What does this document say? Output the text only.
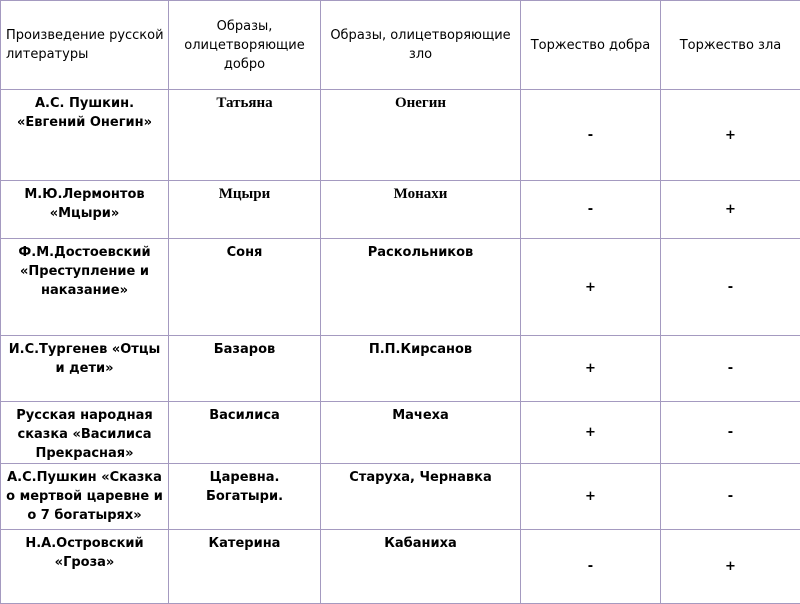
Произведение русской литературы	Образы, олицетворяющие добро	Образы, олицетворяющие зло	Торжество добра	Торжество зла
А.С. Пушкин. «Евгений Онегин»	Татьяна	Онегин	-	+
М.Ю.Лермонтов «Мцыри»	Мцыри	Монахи	-	+
Ф.М.Достоевский «Преступление и наказание»	Соня	Раскольников	+	-
И.С.Тургенев «Отцы и дети»	Базаров	П.П.Кирсанов	+	-
Русская народная сказка «Василиса Прекрасная»	Василиса	Мачеха	+	-
А.С.Пушкин «Сказка о мертвой царевне и о 7 богатырях»	Царевна. Богатыри.	Старуха, Чернавка	+	-
Н.А.Островский «Гроза»	Катерина	Кабаниха	-	+
